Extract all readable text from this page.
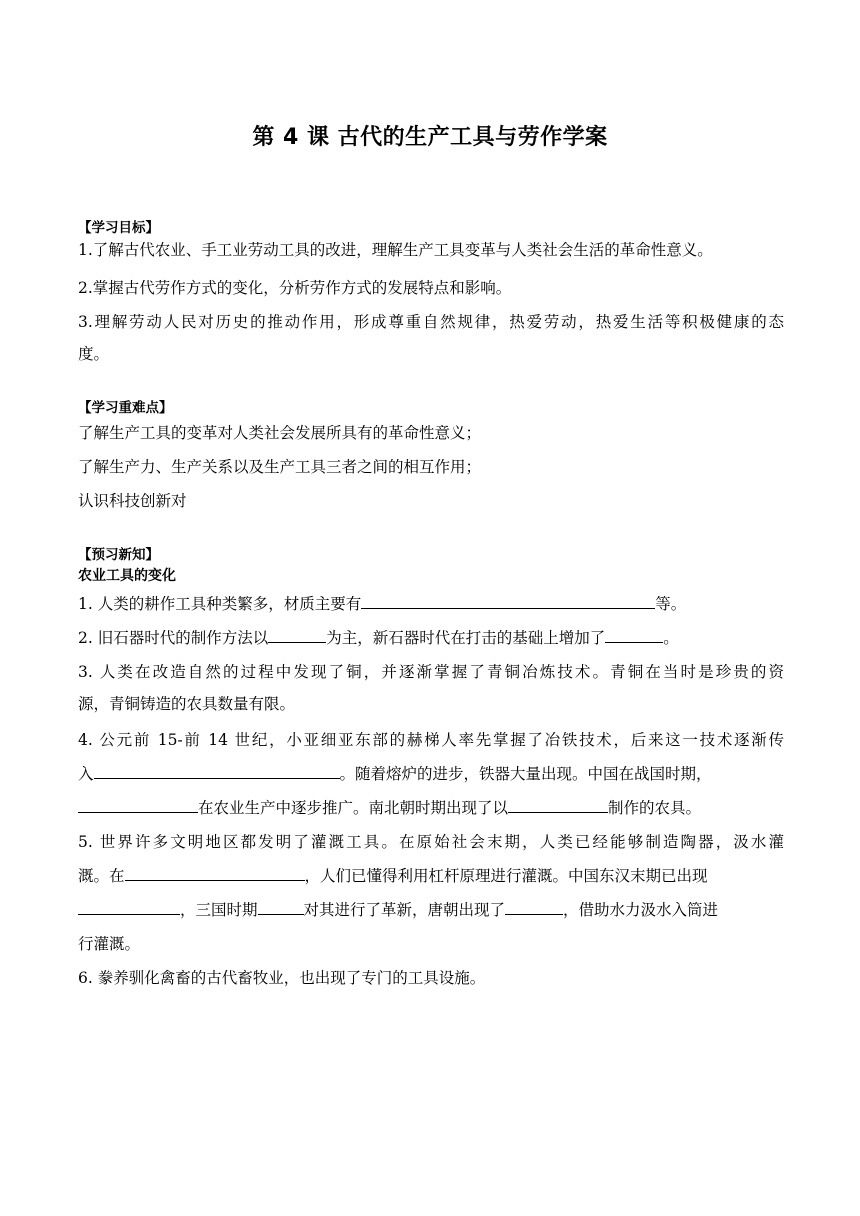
第 4 课 古代的生产工具与劳作学案
【学习目标】
1.了解古代农业、手工业劳动工具的改进，理解生产工具变革与人类社会生活的革命性意义。
2.掌握古代劳作方式的变化，分析劳作方式的发展特点和影响。
3.理解劳动人民对历史的推动作用，形成尊重自然规律，热爱劳动，热爱生活等积极健康的态
度。
【学习重难点】
了解生产工具的变革对人类社会发展所具有的革命性意义；
了解生产力、生产关系以及生产工具三者之间的相互作用；
认识科技创新对
【预习新知】
农业工具的变化
1. 人类的耕作工具种类繁多，材质主要有	等。
2. 旧石器时代的制作方法以	为主，新石器时代在打击的基础上增加了	。
3. 人类在改造自然的过程中发现了铜，并逐渐掌握了青铜冶炼技术。青铜在当时是珍贵的资
源，青铜铸造的农具数量有限。
4. 公元前 15-前 14 世纪，小亚细亚东部的赫梯人率先掌握了冶铁技术，后来这一技术逐渐传
入	。随着熔炉的进步，铁器大量出现。中国在战国时期，
在农业生产中逐步推广。南北朝时期出现了以	制作的农具。
5. 世界许多文明地区都发明了灌溉工具。在原始社会末期，人类已经能够制造陶器，汲水灌
溉。在	，人们已懂得利用杠杆原理进行灌溉。中国东汉末期已出现
，三国时期	对其进行了革新，唐朝出现了	，借助水力汲水入筒进
行灌溉。
6. 豢养驯化禽畜的古代畜牧业，也出现了专门的工具设施。
